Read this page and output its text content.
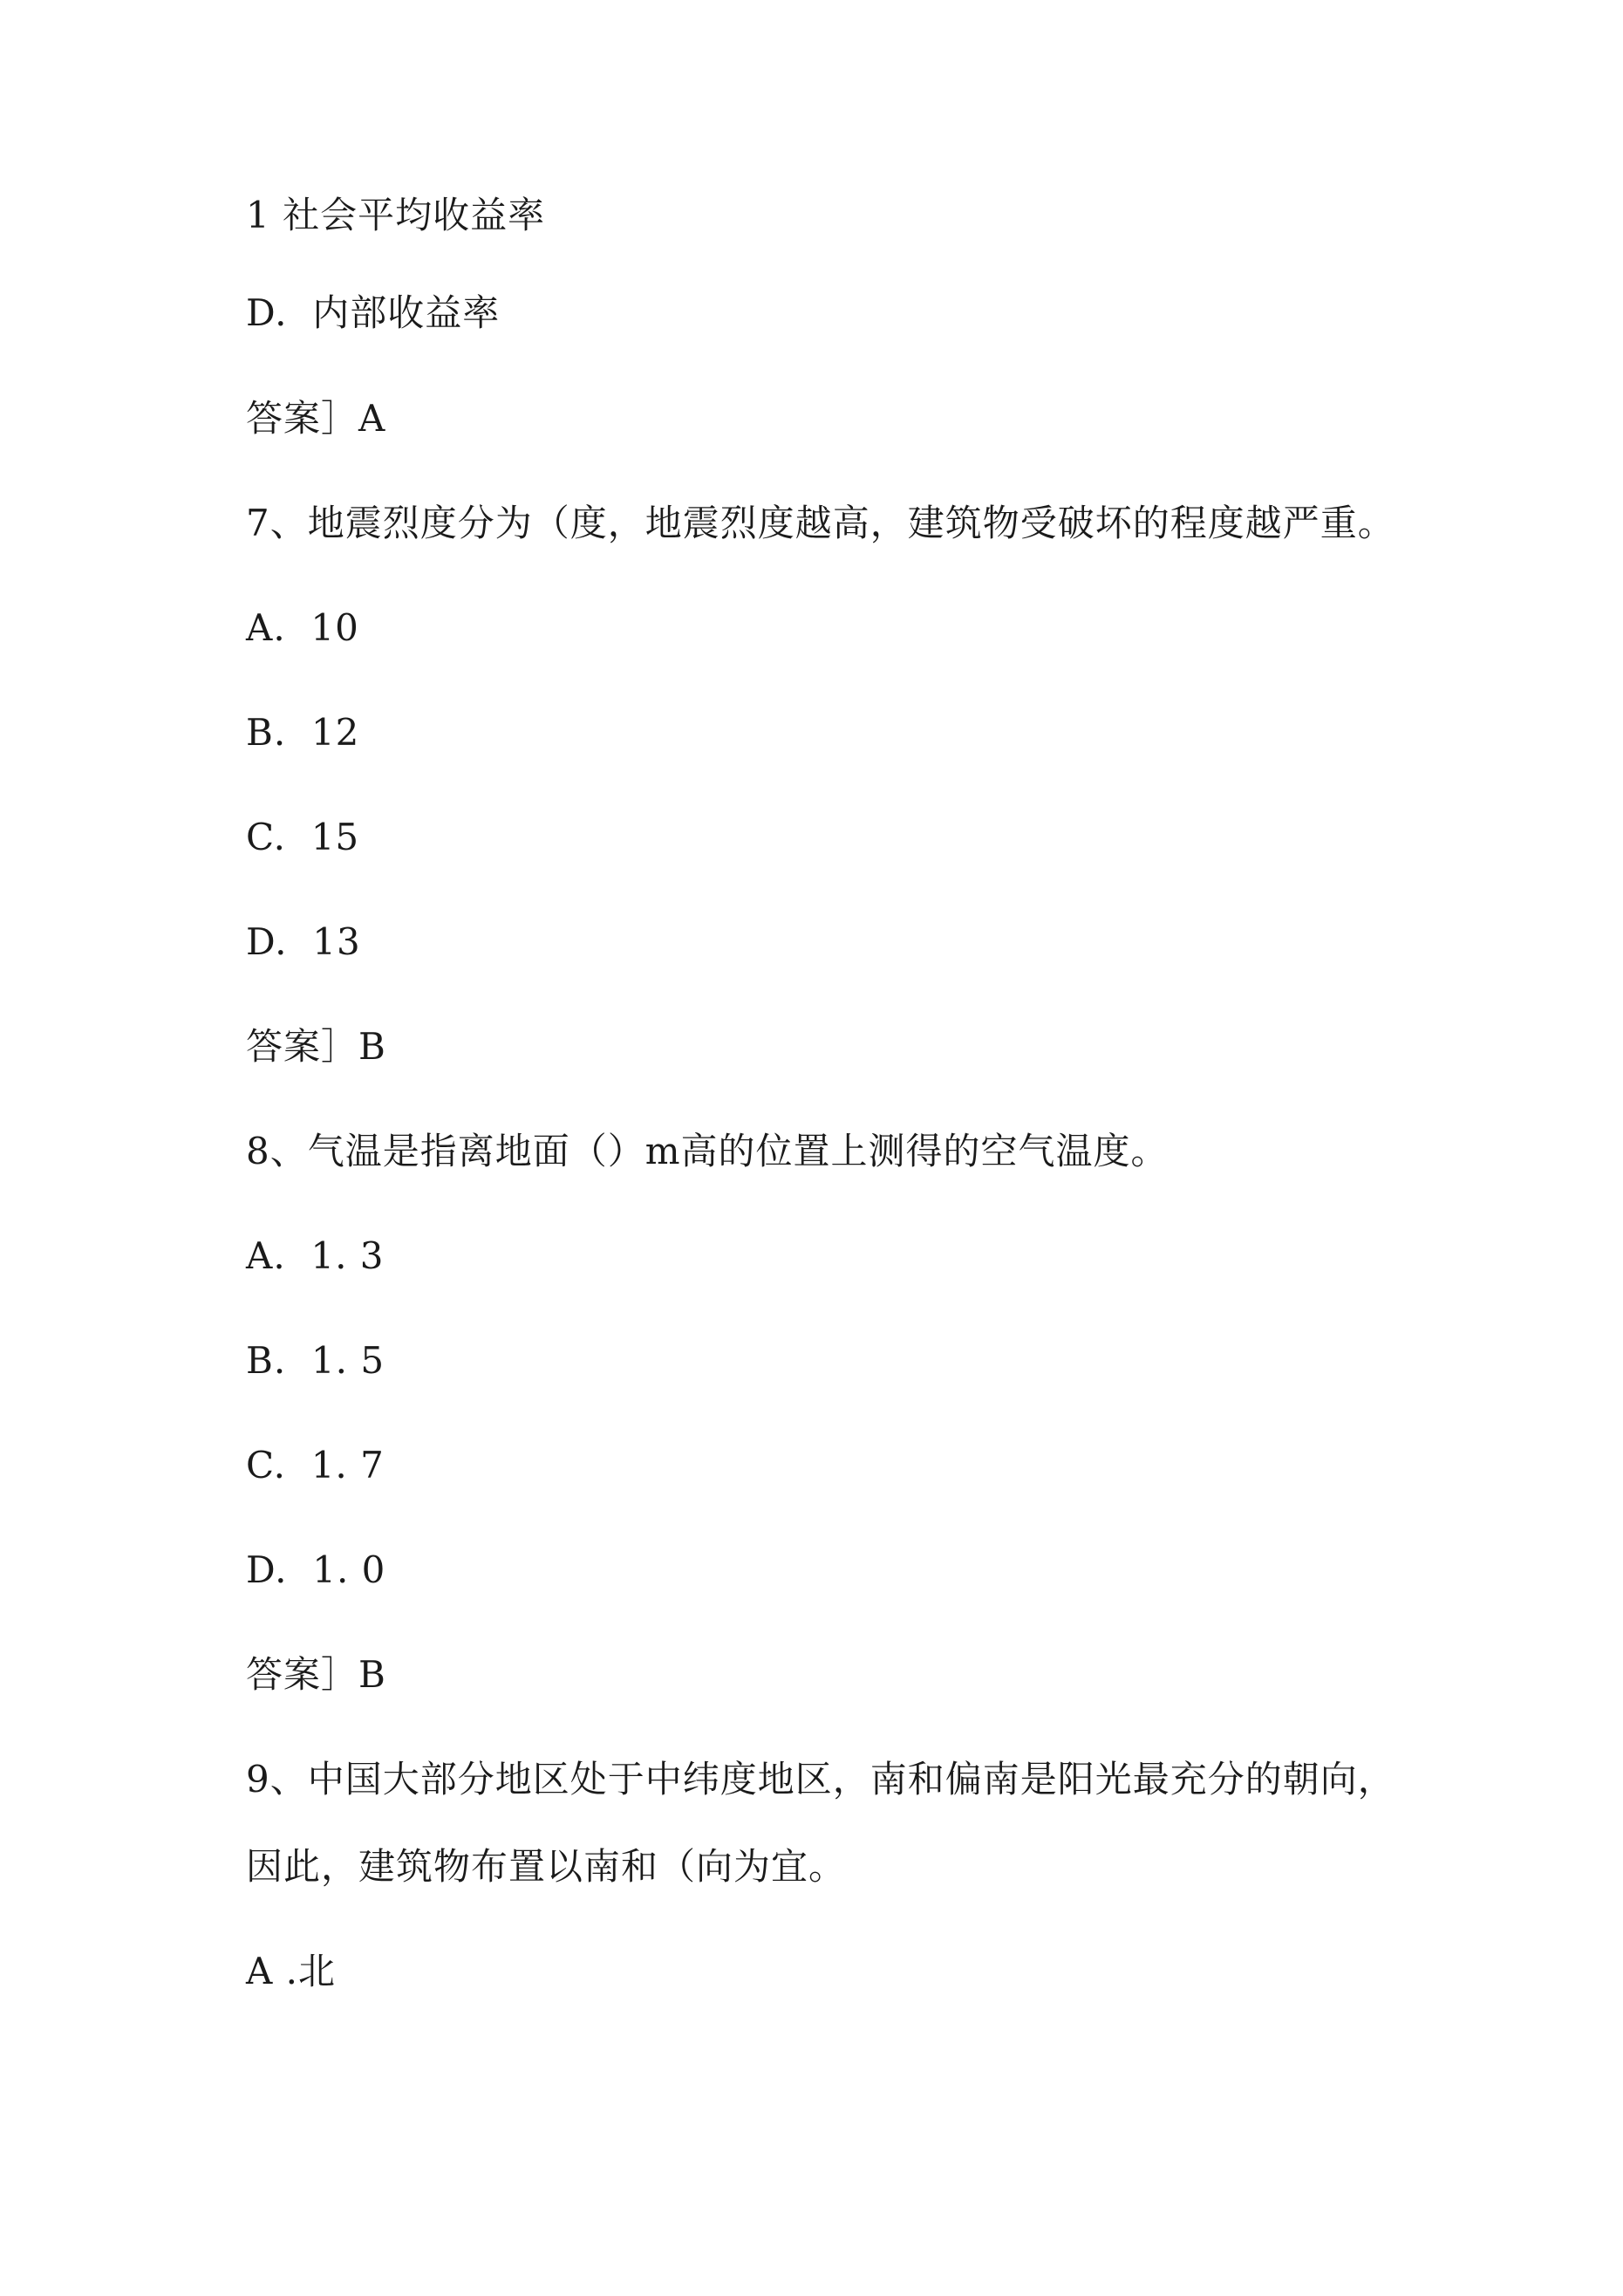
1 社会平均收益率
D.  内部收益率
答案］A
7、地震烈度分为（度，地震烈度越高，建筑物受破坏的程度越严重。
A.  10
B.  12
C.  15
D.  13
答案］B
8、气温是指离地面（）m高的位置上测得的空气温度。
A.  1. 3
B.  1. 5
C.  1. 7
D.  1. 0
答案］B
9、中国大部分地区处于中纬度地区，南和偏南是阳光最充分的朝向，
因此，建筑物布置以南和（向为宜。
A .北
